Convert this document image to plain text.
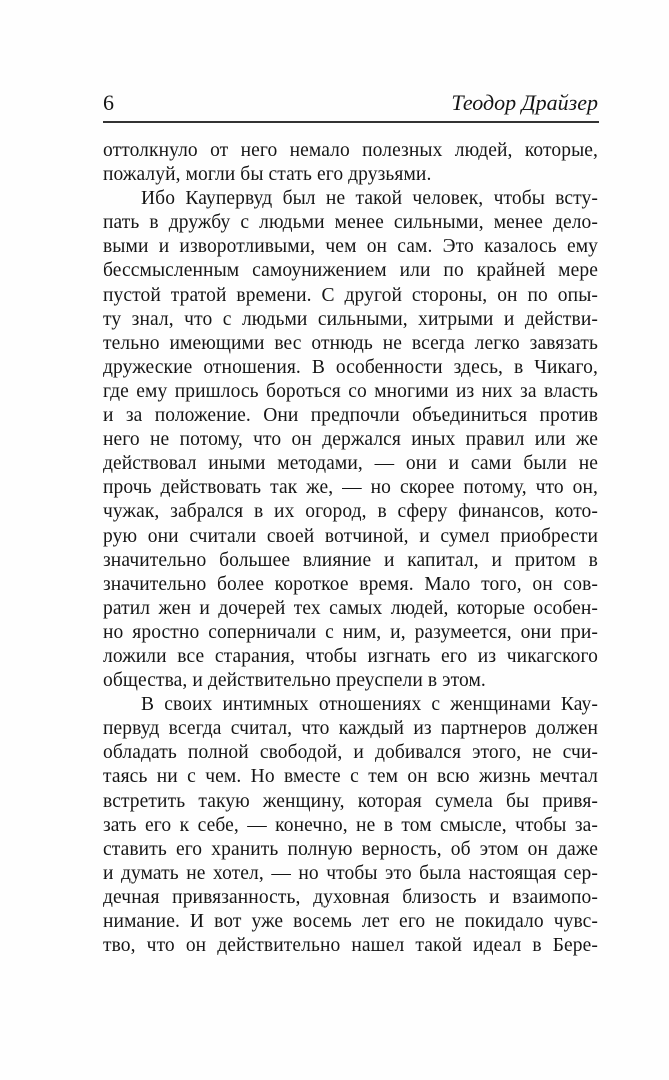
6	Теодор Драйзер
оттолкнуло от него немало полезных людей, которые,
пожалуй, могли бы стать его друзьями.
Ибо Каупервуд был не такой человек, чтобы всту-
пать в дружбу с людьми менее сильными, менее дело-
выми и изворотливыми, чем он сам. Это казалось ему
бессмысленным самоунижением или по крайней мере
пустой тратой времени. С другой стороны, он по опы-
ту знал, что с людьми сильными, хитрыми и действи-
тельно имеющими вес отнюдь не всегда легко завязать
дружеские отношения. В особенности здесь, в Чикаго,
где ему пришлось бороться со многими из них за власть
и за положение. Они предпочли объединиться против
него не потому, что он держался иных правил или же
действовал иными методами, — они и сами были не
прочь действовать так же, — но скорее потому, что он,
чужак, забрался в их огород, в сферу финансов, кото-
рую они считали своей вотчиной, и сумел приобрести
значительно большее влияние и капитал, и притом в
значительно более короткое время. Мало того, он сов-
ратил жен и дочерей тех самых людей, которые особен-
но яростно соперничали с ним, и, разумеется, они при-
ложили все старания, чтобы изгнать его из чикагского
общества, и действительно преуспели в этом.
В своих интимных отношениях с женщинами Кау-
первуд всегда считал, что каждый из партнеров должен
обладать полной свободой, и добивался этого, не счи-
таясь ни с чем. Но вместе с тем он всю жизнь мечтал
встретить такую женщину, которая сумела бы привя-
зать его к себе, — конечно, не в том смысле, чтобы за-
ставить его хранить полную верность, об этом он даже
и думать не хотел, — но чтобы это была настоящая сер-
дечная привязанность, духовная близость и взаимопо-
нимание. И вот уже восемь лет его не покидало чувс-
тво, что он действительно нашел такой идеал в Бере-
